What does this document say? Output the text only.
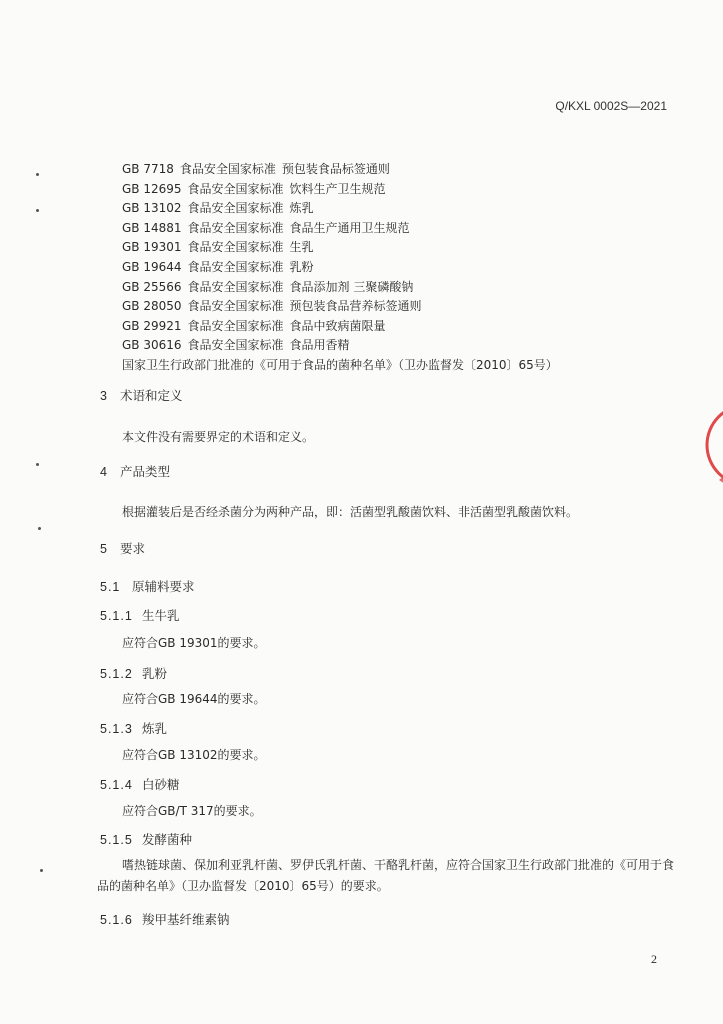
Q/KXL 0002S—2021
GB 7718 食品安全国家标准 预包装食品标签通则
GB 12695 食品安全国家标准 饮料生产卫生规范
GB 13102 食品安全国家标准 炼乳
GB 14881 食品安全国家标准 食品生产通用卫生规范
GB 19301 食品安全国家标准 生乳
GB 19644 食品安全国家标准 乳粉
GB 25566 食品安全国家标准 食品添加剂 三聚磷酸钠
GB 28050 食品安全国家标准 预包装食品营养标签通则
GB 29921 食品安全国家标准 食品中致病菌限量
GB 30616 食品安全国家标准 食品用香精
国家卫生行政部门批准的《可用于食品的菌种名单》（卫办监督发〔2010〕65号）
3 术语和定义
本文件没有需要界定的术语和定义。
4 产品类型
根据灌装后是否经杀菌分为两种产品，即：活菌型乳酸菌饮料、非活菌型乳酸菌饮料。
5 要求
5.1 原辅料要求
5.1.1 生牛乳
应符合GB 19301的要求。
5.1.2 乳粉
应符合GB 19644的要求。
5.1.3 炼乳
应符合GB 13102的要求。
5.1.4 白砂糖
应符合GB/T 317的要求。
5.1.5 发酵菌种
嗜热链球菌、保加利亚乳杆菌、罗伊氏乳杆菌、干酪乳杆菌，应符合国家卫生行政部门批准的《可用于食品的菌种名单》（卫办监督发〔2010〕65号）的要求。
5.1.6 羧甲基纤维素钠
2
